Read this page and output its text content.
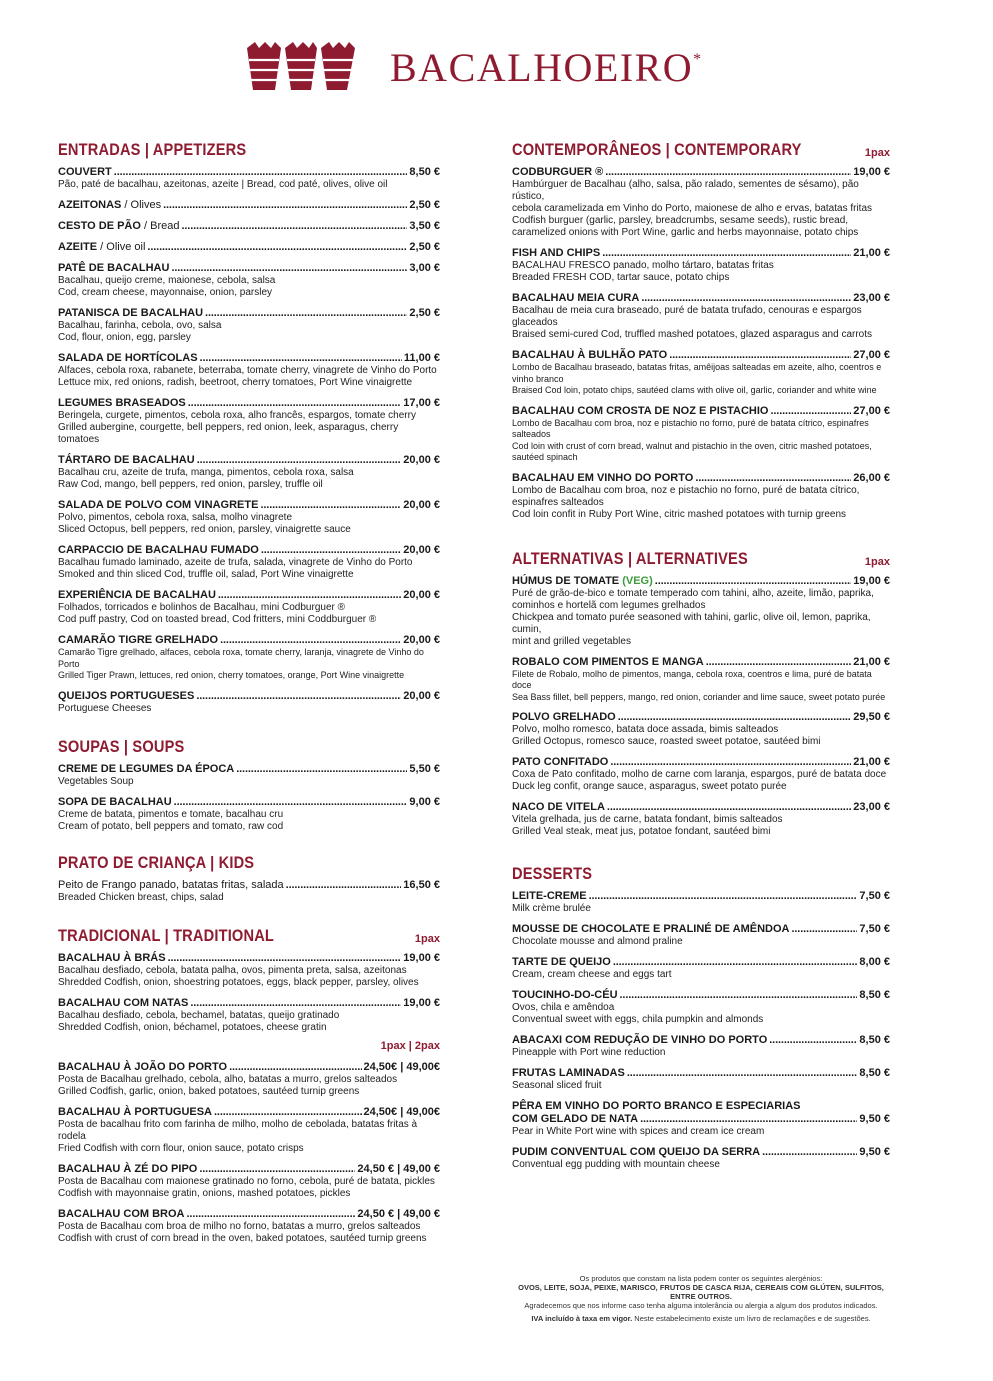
BACALHOEIRO*
ENTRADAS | APPETIZERS
COUVERT . . .	8,50 €
Pão, paté de bacalhau, azeitonas, azeite | Bread, cod paté, olives, olive oil
AZEITONAS / Olives . . .	2,50 €
CESTO DE PÃO / Bread . . .	3,50 €
AZEITE / Olive oil . . .	2,50 €
PATÊ DE BACALHAU . . .	3,00 €
Bacalhau, queijo creme, maionese, cebola, salsa
Cod, cream cheese, mayonnaise, onion, parsley
PATANISCA DE BACALHAU . . .	2,50 €
Bacalhau, farinha, cebola, ovo, salsa
Cod, flour, onion, egg, parsley
SALADA DE HORTÍCOLAS . . .	11,00 €
Alfaces, cebola roxa, rabanete, beterraba, tomate cherry, vinagrete de Vinho do Porto
Lettuce mix, red onions, radish, beetroot, cherry tomatoes, Port Wine vinaigrette
LEGUMES BRASEADOS . . .	17,00 €
Beringela, curgete, pimentos, cebola roxa, alho francês, espargos, tomate cherry
Grilled aubergine, courgette, bell peppers, red onion, leek, asparagus, cherry tomatoes
TÁRTARO DE BACALHAU . . .	20,00 €
Bacalhau cru, azeite de trufa, manga, pimentos, cebola roxa, salsa
Raw Cod, mango, bell peppers, red onion, parsley, truffle oil
SALADA DE POLVO COM VINAGRETE . . .	20,00 €
Polvo, pimentos, cebola roxa, salsa, molho vinagrete
Sliced Octopus, bell peppers, red onion, parsley, vinaigrette sauce
CARPACCIO DE BACALHAU FUMADO . . .	20,00 €
Bacalhau fumado laminado, azeite de trufa, salada, vinagrete de Vinho do Porto
Smoked and thin sliced Cod, truffle oil, salad, Port Wine vinaigrette
EXPERIÊNCIA DE BACALHAU . . .	20,00 €
Folhados, torricados e bolinhos de Bacalhau, mini Codburguer ®
Cod puff pastry, Cod on toasted bread, Cod fritters, mini Coddburguer ®
CAMARÃO TIGRE GRELHADO . . .	20,00 €
Camarão Tigre grelhado, alfaces, cebola roxa, tomate cherry, laranja, vinagrete de Vinho do Porto
Grilled Tiger Prawn, lettuces, red onion, cherry tomatoes, orange, Port Wine vinaigrette
QUEIJOS PORTUGUESES . . .	20,00 €
Portuguese Cheeses
SOUPAS | SOUPS
CREME DE LEGUMES DA ÉPOCA . . .	5,50 €
Vegetables Soup
SOPA DE BACALHAU . . .	9,00 €
Creme de batata, pimentos e tomate, bacalhau cru
Cream of potato, bell peppers and tomato, raw cod
PRATO DE CRIANÇA | KIDS
Peito de Frango panado, batatas fritas, salada . . .	16,50 €
Breaded Chicken breast, chips, salad
TRADICIONAL | TRADITIONAL	1pax
BACALHAU À BRÁS . . .	19,00 €
Bacalhau desfiado, cebola, batata palha, ovos, pimenta preta, salsa, azeitonas
Shredded Codfish, onion, shoestring potatoes, eggs, black pepper, parsley, olives
BACALHAU COM NATAS . . .	19,00 €
Bacalhau desfiado, cebola, bechamel, batatas, queijo gratinado
Shredded Codfish, onion, béchamel, potatoes, cheese gratin
1pax | 2pax
BACALHAU À JOÃO DO PORTO . . .	24,50€ | 49,00€
Posta de Bacalhau grelhado, cebola, alho, batatas a murro, grelos salteados
Grilled Codfish, garlic, onion, baked potatoes, sautéed turnip greens
BACALHAU À PORTUGUESA . . .	24,50€ | 49,00€
Posta de bacalhau frito com farinha de milho, molho de cebolada, batatas fritas à rodela
Fried Codfish with corn flour, onion sauce, potato crisps
BACALHAU À ZÉ DO PIPO . . .	24,50 € | 49,00 €
Posta de Bacalhau com maionese gratinado no forno, cebola, puré de batata, pickles
Codfish with mayonnaise gratin, onions, mashed potatoes, pickles
BACALHAU COM BROA . . .	24,50 € | 49,00 €
Posta de Bacalhau com broa de milho no forno, batatas a murro, grelos salteados
Codfish with crust of corn bread in the oven, baked potatoes, sautéed turnip greens
CONTEMPORÂNEOS | CONTEMPORARY	1pax
CODBURGUER ® . . .	19,00 €
Hambúrguer de Bacalhau (alho, salsa, pão ralado, sementes de sésamo), pão rústico,
cebola caramelizada em Vinho do Porto, maionese de alho e ervas, batatas fritas
Codfish burguer (garlic, parsley, breadcrumbs, sesame seeds), rustic bread,
caramelized onions with Port Wine, garlic and herbs mayonnaise, potato chips
FISH AND CHIPS . . .	21,00 €
BACALHAU FRESCO panado, molho tártaro, batatas fritas
Breaded FRESH COD, tartar sauce, potato chips
BACALHAU MEIA CURA . . .	23,00 €
Bacalhau de meia cura braseado, puré de batata trufado, cenouras e espargos glaceados
Braised semi-cured Cod, truffled mashed potatoes, glazed asparagus and carrots
BACALHAU À BULHÃO PATO . . .	27,00 €
Lombo de Bacalhau braseado, batatas fritas, amêijoas salteadas em azeite, alho, coentros e vinho branco
Braised Cod loin, potato chips, sautéed clams with olive oil, garlic, coriander and white wine
BACALHAU COM CROSTA DE NOZ E PISTACHIO . . .	27,00 €
Lombo de Bacalhau com broa, noz e pistachio no forno, puré de batata cítrico, espinafres salteados
Cod loin with crust of corn bread, walnut and pistachio in the oven, citric mashed potatoes,
sautéed spinach
BACALHAU EM VINHO DO PORTO . . .	26,00 €
Lombo de Bacalhau com broa, noz e pistachio no forno, puré de batata cítrico,
espinafres salteados
Cod loin confit in Ruby Port Wine, citric mashed potatoes with turnip greens
ALTERNATIVAS | ALTERNATIVES	1pax
HÚMUS DE TOMATE (VEG) . . .	19,00 €
Puré de grão-de-bico e tomate temperado com tahini, alho, azeite, limão, paprika,
cominhos e hortelã com legumes grelhados
Chickpea and tomato purée seasoned with tahini, garlic, olive oil, lemon, paprika, cumin,
mint and grilled vegetables
ROBALO COM PIMENTOS E MANGA . . .	21,00 €
Filete de Robalo, molho de pimentos, manga, cebola roxa, coentros e lima, puré de batata doce
Sea Bass fillet, bell peppers, mango, red onion, coriander and lime sauce, sweet potato purée
POLVO GRELHADO . . .	29,50 €
Polvo, molho romesco, batata doce assada, bimis salteados
Grilled Octopus, romesco sauce, roasted sweet potatoe, sautéed bimi
PATO CONFITADO . . .	21,00 €
Coxa de Pato confitado, molho de carne com laranja, espargos, puré de batata doce
Duck leg confit, orange sauce, asparagus, sweet potato purée
NACO DE VITELA . . .	23,00 €
Vitela grelhada, jus de carne, batata fondant, bimis salteados
Grilled Veal steak, meat jus, potatoe fondant, sautéed bimi
DESSERTS
LEITE-CREME . . .	7,50 €
Milk crème brulée
MOUSSE DE CHOCOLATE E PRALINÉ DE AMÊNDOA . . .	7,50 €
Chocolate mousse and almond praline
TARTE DE QUEIJO . . .	8,00 €
Cream, cream cheese and eggs tart
TOUCINHO-DO-CÉU . . .	8,50 €
Ovos, chila e amêndoa
Conventual sweet with eggs, chila pumpkin and almonds
ABACAXI COM REDUÇÃO DE VINHO DO PORTO . . .	8,50 €
Pineapple with Port wine reduction
FRUTAS LAMINADAS . . .	8,50 €
Seasonal sliced fruit
PÊRA EM VINHO DO PORTO BRANCO E ESPECIARIAS
COM GELADO DE NATA . . .	9,50 €
Pear in White Port wine with spices and cream ice cream
PUDIM CONVENTUAL COM QUEIJO DA SERRA . . .	9,50 €
Conventual egg pudding with mountain cheese
Os produtos que constam na lista podem conter os seguintes alergénios:
OVOS, LEITE, SOJA, PEIXE, MARISCO, FRUTOS DE CASCA RIJA, CEREAIS COM GLÚTEN, SULFITOS, ENTRE OUTROS.
Agradecemos que nos informe caso tenha alguma intolerância ou alergia a algum dos produtos indicados.
IVA incluído à taxa em vigor. Neste estabelecimento existe um livro de reclamações e de sugestões.
